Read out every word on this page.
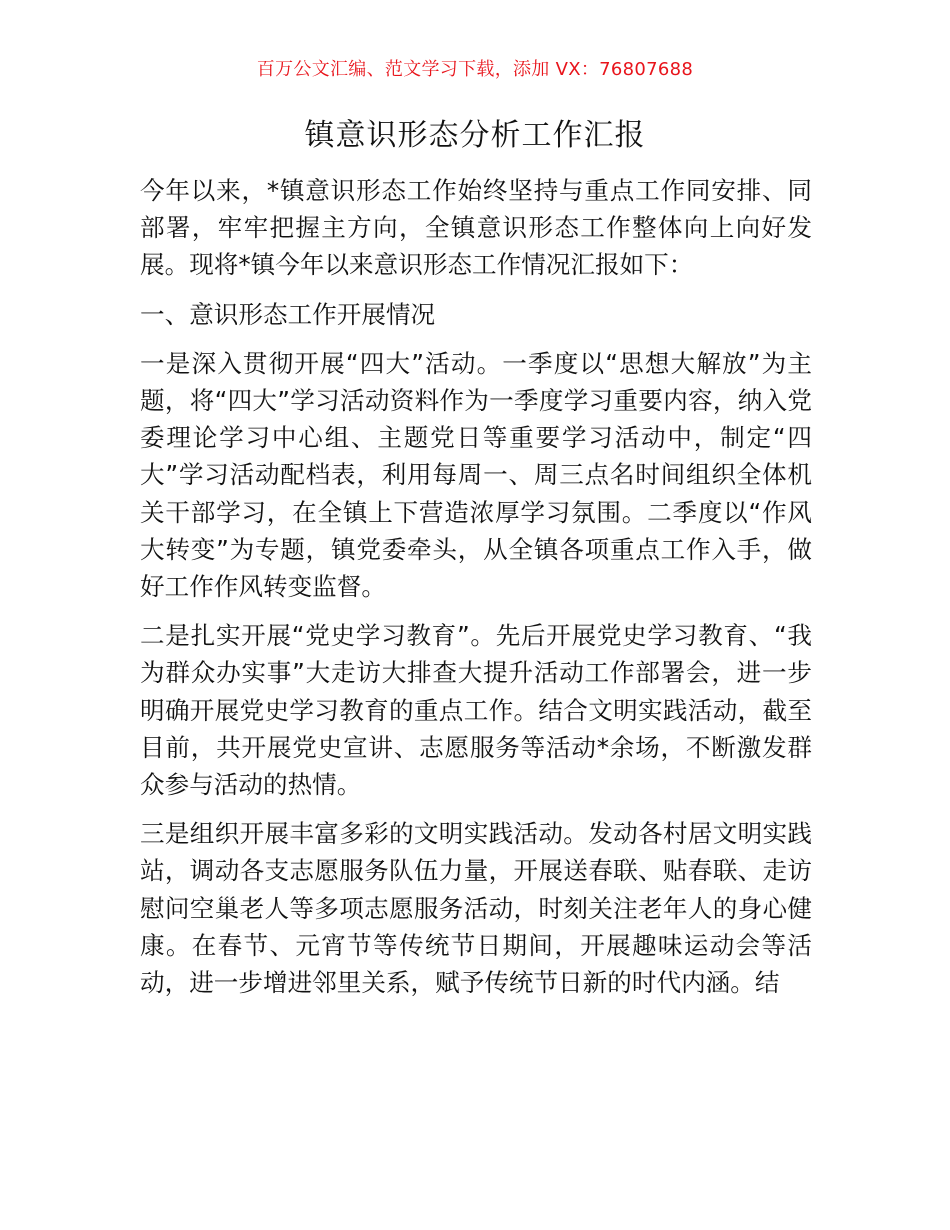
百万公文汇编、范文学习下载，添加 VX：76807688
镇意识形态分析工作汇报

今年以来，*镇意识形态工作始终坚持与重点工作同安排、同部署，牢牢把握主方向，全镇意识形态工作整体向上向好发展。现将*镇今年以来意识形态工作情况汇报如下：

一、意识形态工作开展情况

一是深入贯彻开展“四大”活动。一季度以“思想大解放”为主题，将“四大”学习活动资料作为一季度学习重要内容，纳入党委理论学习中心组、主题党日等重要学习活动中，制定“四大”学习活动配档表，利用每周一、周三点名时间组织全体机关干部学习，在全镇上下营造浓厚学习氛围。二季度以“作风大转变”为专题，镇党委牵头，从全镇各项重点工作入手，做好工作作风转变监督。

二是扎实开展“党史学习教育”。先后开展党史学习教育、“我为群众办实事”大走访大排查大提升活动工作部署会，进一步明确开展党史学习教育的重点工作。结合文明实践活动，截至目前，共开展党史宣讲、志愿服务等活动*余场，不断激发群众参与活动的热情。

三是组织开展丰富多彩的文明实践活动。发动各村居文明实践站，调动各支志愿服务队伍力量，开展送春联、贴春联、走访慰问空巢老人等多项志愿服务活动，时刻关注老年人的身心健康。在春节、元宵节等传统节日期间，开展趣味运动会等活动，进一步增进邻里关系，赋予传统节日新的时代内涵。结
